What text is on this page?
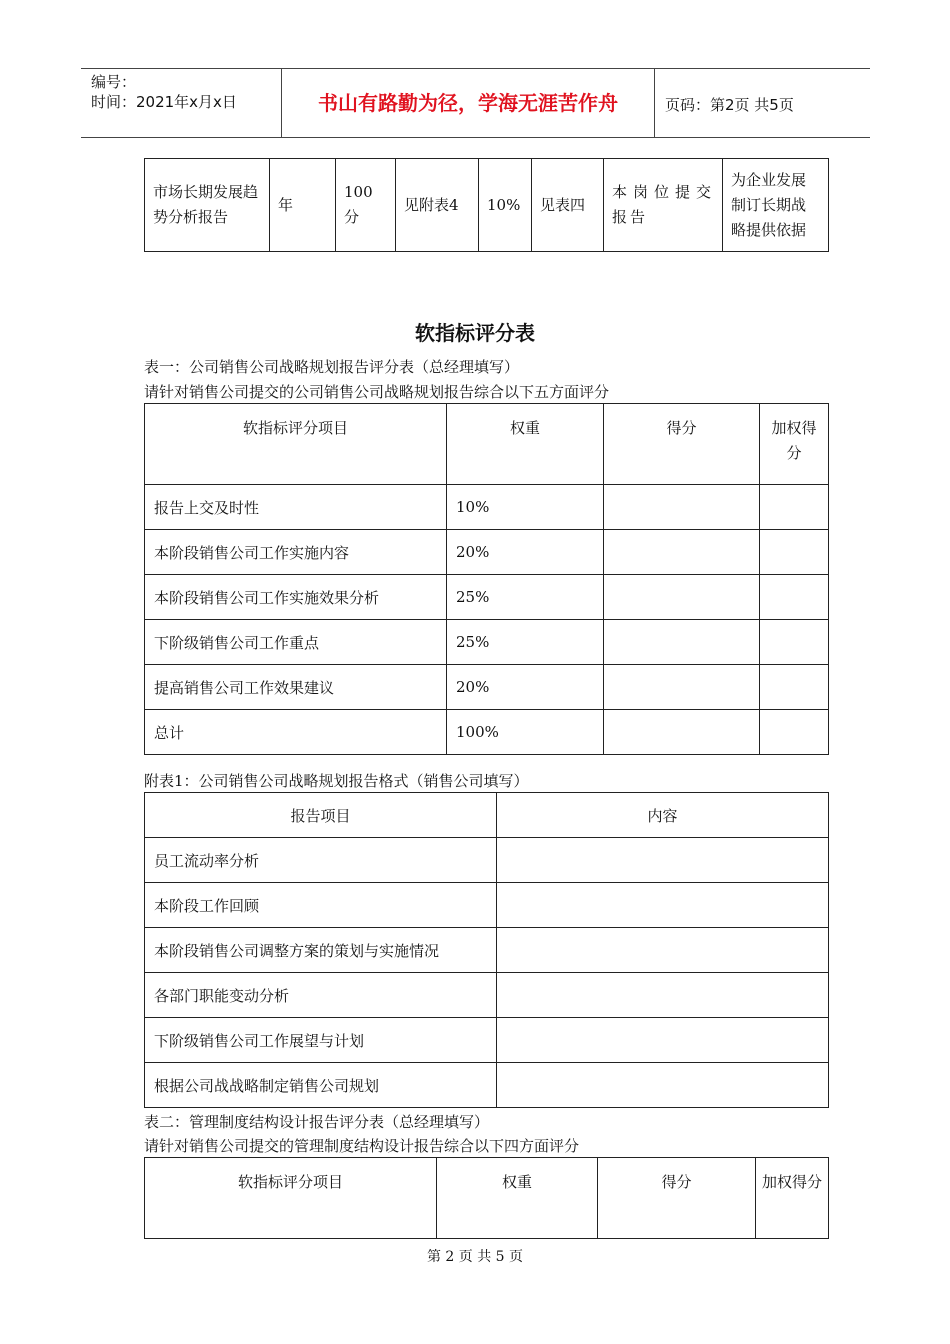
编号：
时间：2021年x月x日	书山有路勤为径，学海无涯苦作舟	页码：第2页 共5页
市场长期发展趋势分析报告	年	100分	见附表4	10%	见表四	本岗位提交报告	为企业发展制订长期战略提供依据
软指标评分表
表一：公司销售公司战略规划报告评分表（总经理填写）
请针对销售公司提交的公司销售公司战略规划报告综合以下五方面评分
软指标评分项目	权重	得分	加权得分
报告上交及时性	10%		
本阶段销售公司工作实施内容	20%		
本阶段销售公司工作实施效果分析	25%		
下阶级销售公司工作重点	25%		
提高销售公司工作效果建议	20%		
总计	100%		
附表1：公司销售公司战略规划报告格式（销售公司填写）
报告项目	内容
员工流动率分析	
本阶段工作回顾	
本阶段销售公司调整方案的策划与实施情况	
各部门职能变动分析	
下阶级销售公司工作展望与计划	
根据公司战战略制定销售公司规划	
表二：管理制度结构设计报告评分表（总经理填写）
请针对销售公司提交的管理制度结构设计报告综合以下四方面评分
软指标评分项目	权重	得分	加权得分
第 2 页 共 5 页
